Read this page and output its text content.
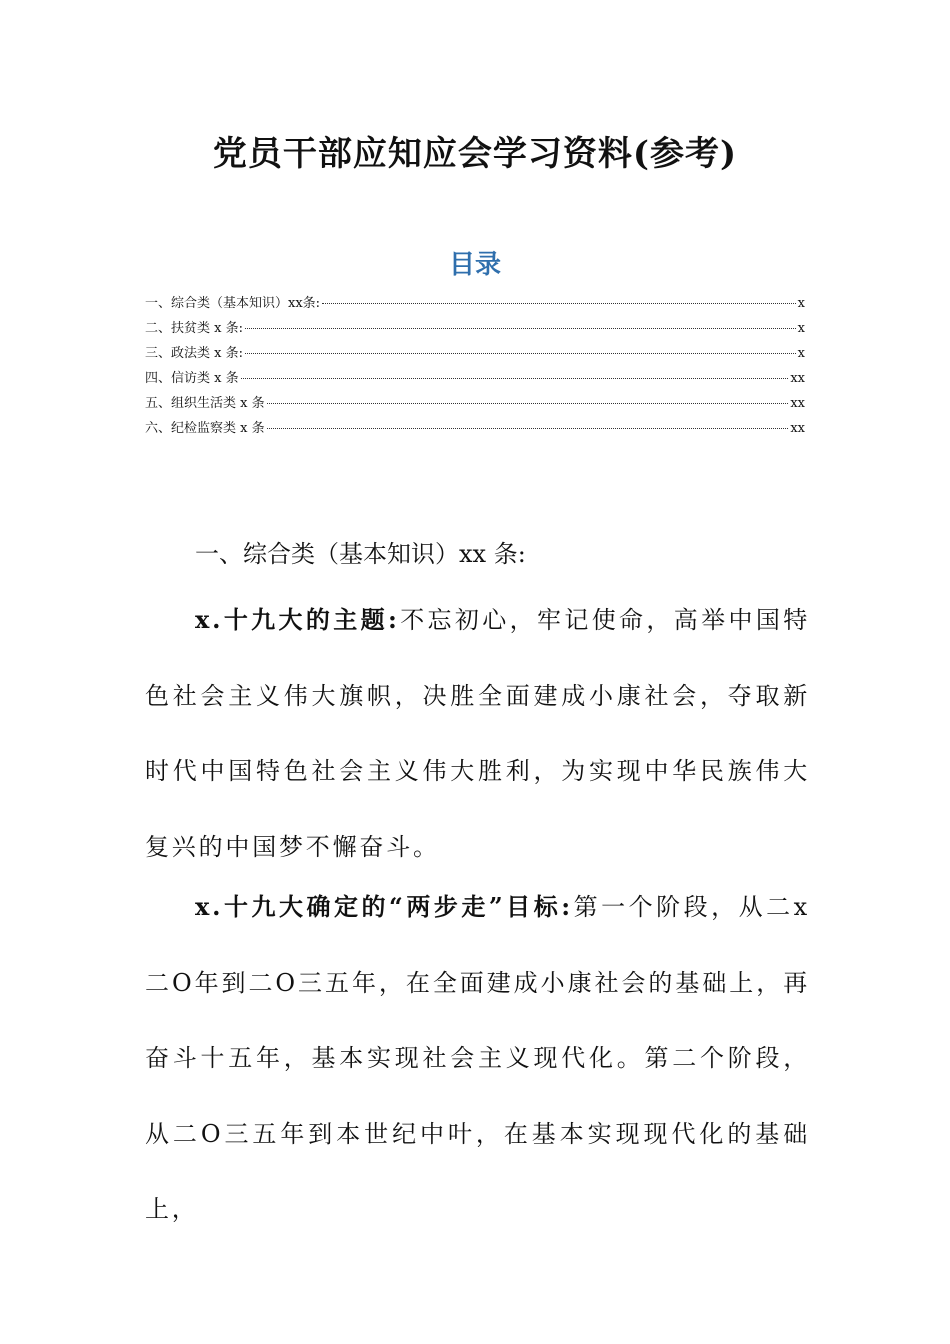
党员干部应知应会学习资料(参考)
目录
一、综合类（基本知识）xx条:	x
二、扶贫类 x 条:	x
三、政法类 x 条:	x
四、信访类 x 条	xx
五、组织生活类 x 条	xx
六、纪检监察类 x 条	xx
一、综合类（基本知识）xx 条:

x.十九大的主题:不忘初心，牢记使命，高举中国特色社会主义伟大旗帜，决胜全面建成小康社会，夺取新时代中国特色社会主义伟大胜利，为实现中华民族伟大复兴的中国梦不懈奋斗。

x.十九大确定的“两步走”目标:第一个阶段，从二x二O年到二O三五年，在全面建成小康社会的基础上，再奋斗十五年，基本实现社会主义现代化。第二个阶段，从二O三五年到本世纪中叶，在基本实现现代化的基础上，
